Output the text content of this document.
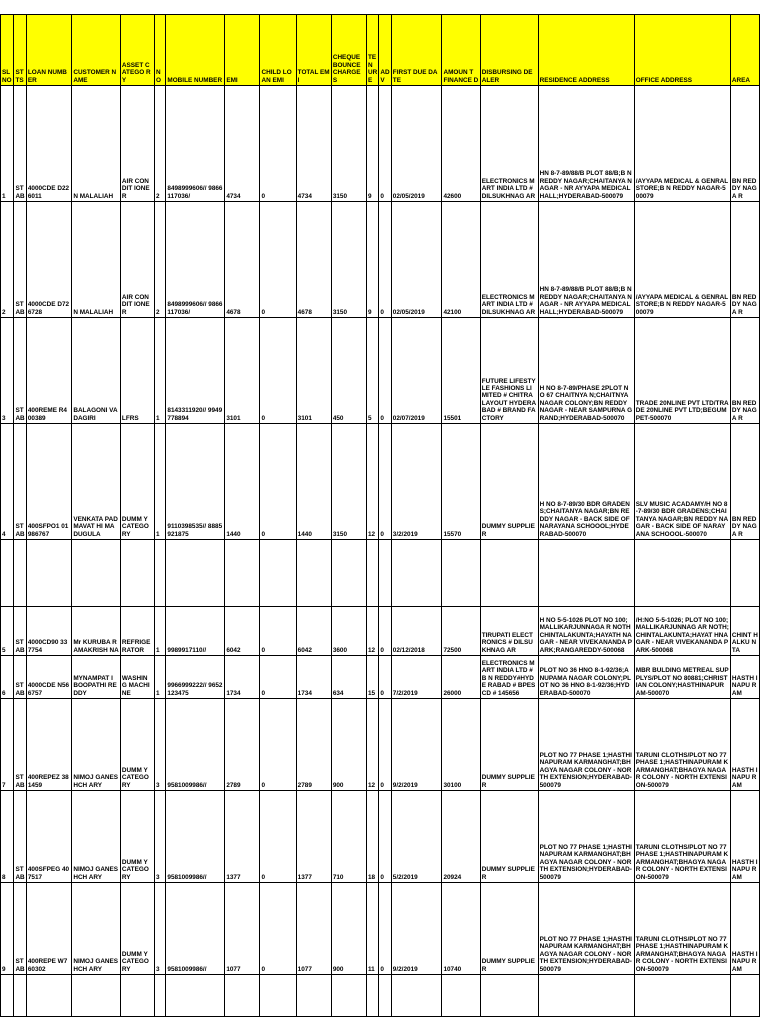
SL NO	ST TS	LOAN NUMBER	CUSTOMER NAME	ASSET CATEGO RY	N O	MOBILE NUMBER	EMI	CHILD LOAN EMI	TOTAL EMI	CHEQUE BOUNCE CHARGE S	TE N UR E	AD V	FIRST DUE DATE	AMOUN T FINANCE D	DISBURSING DEALER	RESIDENCE ADDRESS	OFFICE ADDRESS	AREA
1	ST AB	4000CDE D226011	N MALALIAH	AIR CONDIT IONER	2	8498999606// 9866117036/	4734	0	4734	3150	9	0	02/05/2019	42600	ELECTRONICS MART INDIA LTD # DILSUKHNAG AR	HN 8-7-89/88/B PLOT 88/B;B N REDDY NAGAR;CHAITANYA NAGAR - NR AYYAPA MEDICAL HALL;HYDERABAD-500079	/AYYAPA MEDICAL & GENRAL STORE;B N REDDY NAGAR-500079	BN REDDY NAGA R
2	ST AB	4000CDE D726728	N MALALIAH	AIR CONDIT IONER	2	8498999606// 9866117036/	4678	0	4678	3150	9	0	02/05/2019	42100	ELECTRONICS MART INDIA LTD # DILSUKHNAG AR	HN 8-7-89/88/B PLOT 88/B;B N REDDY NAGAR;CHAITANYA NAGAR - NR AYYAPA MEDICAL HALL;HYDERABAD-500079	/AYYAPA MEDICAL & GENRAL STORE;B N REDDY NAGAR-500079	BN REDDY NAGA R
3	ST AB	400REME R400389	BALAGONI VADAGIRI	LFRS	1	8143311920// 9949778894	3101	0	3101	450	5	0	02/07/2019	15501	FUTURE LIFESTYLE FASHIONS LIMITED # CHITRA LAYOUT HYDERABAD # BRAND FACTORY	H NO 8-7-89/PHASE 2PLOT NO 67 CHAITNYA N;CHAITNYA NAGAR COLONY;BN REDDY NAGAR - NEAR SAMPURNA GRAND;HYDERABAD-500070	TRADE 20NLINE PVT LTD/TRADE 20NLINE PVT LTD;BEGUMPET-500070	BN REDDY NAGA R
4	ST AB	400SFPO1 01986767	VENKATA PADMAVAT HI MADUGULA	DUMM Y CATEGO RY	1	9110398535// 8885921875	1440	0	1440	3150	12	0	3/2/2019	15570	DUMMY SUPPLIER	H NO 8-7-89/30 BDR GRADENS;CHAITANYA NAGAR;BN REDDY NAGAR - BACK SIDE OF NARAYANA SCHOOOL;HYDERABAD-500070	SLV MUSIC ACADAMY/H NO 8-7-89/30 BDR GRADENS;CHAITANYA NAGAR;BN REDDY NAGAR - BACK SIDE OF NARAYANA SCHOOOL-500070	BN REDDY NAGA R
5	ST AB	4000CD90 337754	Mr KURUBA RAMAKRISH NA	REFRIGE RATOR	1	9989917110//	6042	0	6042	3600	12	0	02/12/2018	72500	TIRUPATI ELECTRONICS # DILSUKHNAG AR	H NO 5-5-1026 PLOT NO 100;MALLIKARJUNNAGA R NOTH CHINTALAKUNTA;HAYATH NAGAR - NEAR VIVEKANANDA PARK;RANGAREDDY-500068	/H:NO 5-5-1026; PLOT NO 100;MALLIKARJUNNAG AR NOTH; CHINTALAKUNTA;HAYAT HNAGAR - NEAR VIVEKANANDA PARK-500068	CHINT HALKU NTA
6	ST AB	4000CDE N566757	MYNAMPAT I BOOPATHI REDDY	WASHIN G MACHI NE	1	9966999222// 9652123475	1734	0	1734	634	15	0	7/2/2019	26000	ELECTRONICS MART INDIA LTD # B N REDDY#HYDE RABAD # BPES CD # 145656	PLOT NO 36 HNO 8-1-92/36;ANUPAMA NAGAR COLONY;PLOT NO 36 HNO 8-1-92/36;HYDERABAD-500070	MBR BULDING METREAL SUPPLYS/PLOT NO 80881;CHRISTIAN COLONY;HASTHINAPUR AM-500070	HASTH INAPU RAM
7	ST AB	400REPEZ 381459	NIMOJ GANESHCH ARY	DUMM Y CATEGO RY	3	9581009986//	2789	0	2789	900	12	0	9/2/2019	30100	DUMMY SUPPLIER	PLOT NO 77 PHASE 1;HASTHINAPURAM KARMANGHAT;BHAGYA NAGAR COLONY - NORTH EXTENSION;HYDERABAD-500079	TARUNI CLOTHS/PLOT NO 77 PHASE 1;HASTHINAPURAM KARMANGHAT;BHAGYA NAGAR COLONY - NORTH EXTENSION-500079	HASTH INAPU RAM
8	ST AB	400SFPEG 407517	NIMOJ GANESHCH ARY	DUMM Y CATEGO RY	3	9581009986//	1377	0	1377	710	18	0	5/2/2019	20924	DUMMY SUPPLIER	PLOT NO 77 PHASE 1;HASTHINAPURAM KARMANGHAT;BHAGYA NAGAR COLONY - NORTH EXTENSION;HYDERABAD-500079	TARUNI CLOTHS/PLOT NO 77 PHASE 1;HASTHINAPURAM KARMANGHAT;BHAGYA NAGAR COLONY - NORTH EXTENSION-500079	HASTH INAPU RAM
9	ST AB	400REPE W760302	NIMOJ GANESHCH ARY	DUMM Y CATEGO RY	3	9581009986//	1077	0	1077	900	11	0	9/2/2019	10740	DUMMY SUPPLIER	PLOT NO 77 PHASE 1;HASTHINAPURAM KARMANGHAT;BHAGYA NAGAR COLONY - NORTH EXTENSION;HYDERABAD-500079	TARUNI CLOTHS/PLOT NO 77 PHASE 1;HASTHINAPURAM KARMANGHAT;BHAGYA NAGAR COLONY - NORTH EXTENSION-500079	HASTH INAPU RAM
